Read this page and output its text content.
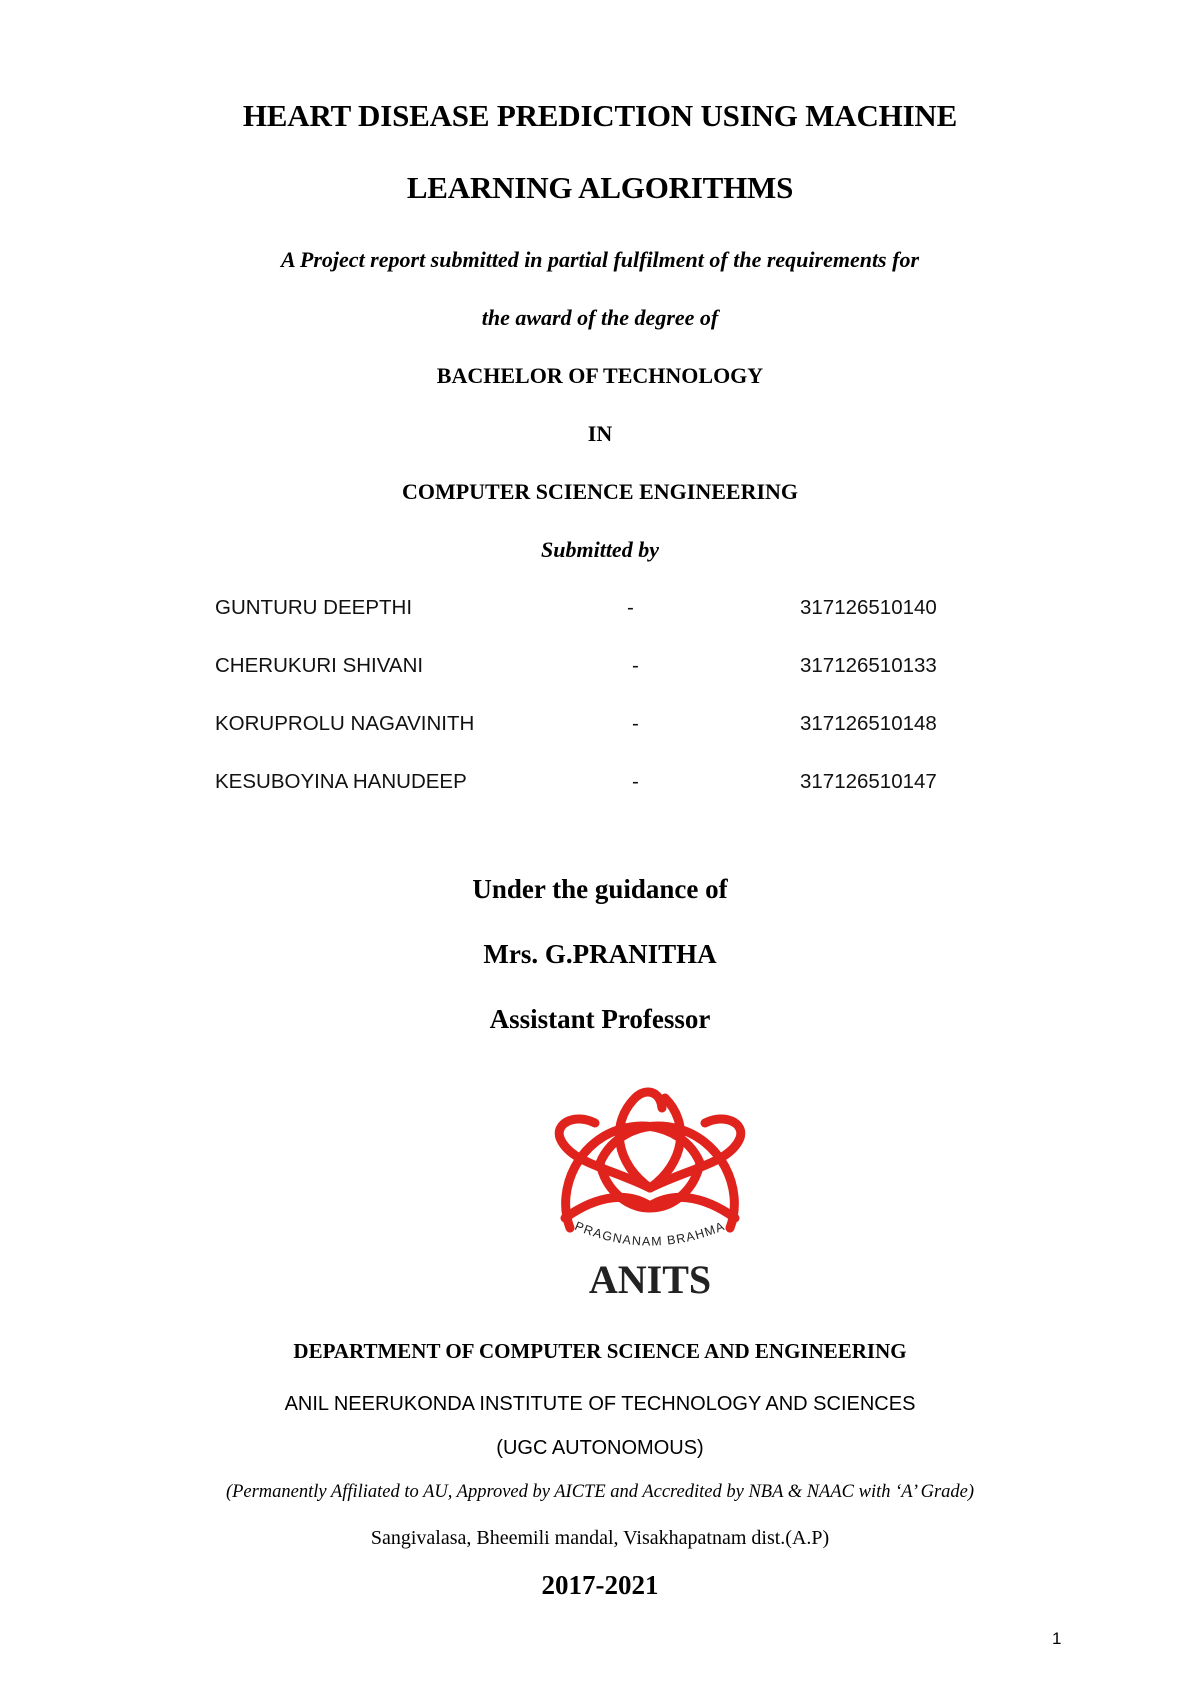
HEART DISEASE PREDICTION USING MACHINE
LEARNING ALGORITHMS
A Project report submitted in partial fulfilment of the requirements for
the award of the degree of
BACHELOR OF TECHNOLOGY
IN
COMPUTER SCIENCE ENGINEERING
Submitted by
GUNTURU DEEPTHI	-	317126510140
CHERUKURI SHIVANI	-	317126510133
KORUPROLU NAGAVINITH	-	317126510148
KESUBOYINA HANUDEEP	-	317126510147
Under the guidance of
Mrs. G.PRANITHA
Assistant Professor
PRAGNANAM BRAHMA
ANITS
DEPARTMENT OF COMPUTER SCIENCE AND ENGINEERING
ANIL NEERUKONDA INSTITUTE OF TECHNOLOGY AND SCIENCES
(UGC AUTONOMOUS)
(Permanently Affiliated to AU, Approved by AICTE and Accredited by NBA & NAAC with ‘A’ Grade)
Sangivalasa, Bheemili mandal, Visakhapatnam dist.(A.P)
2017-2021
1
